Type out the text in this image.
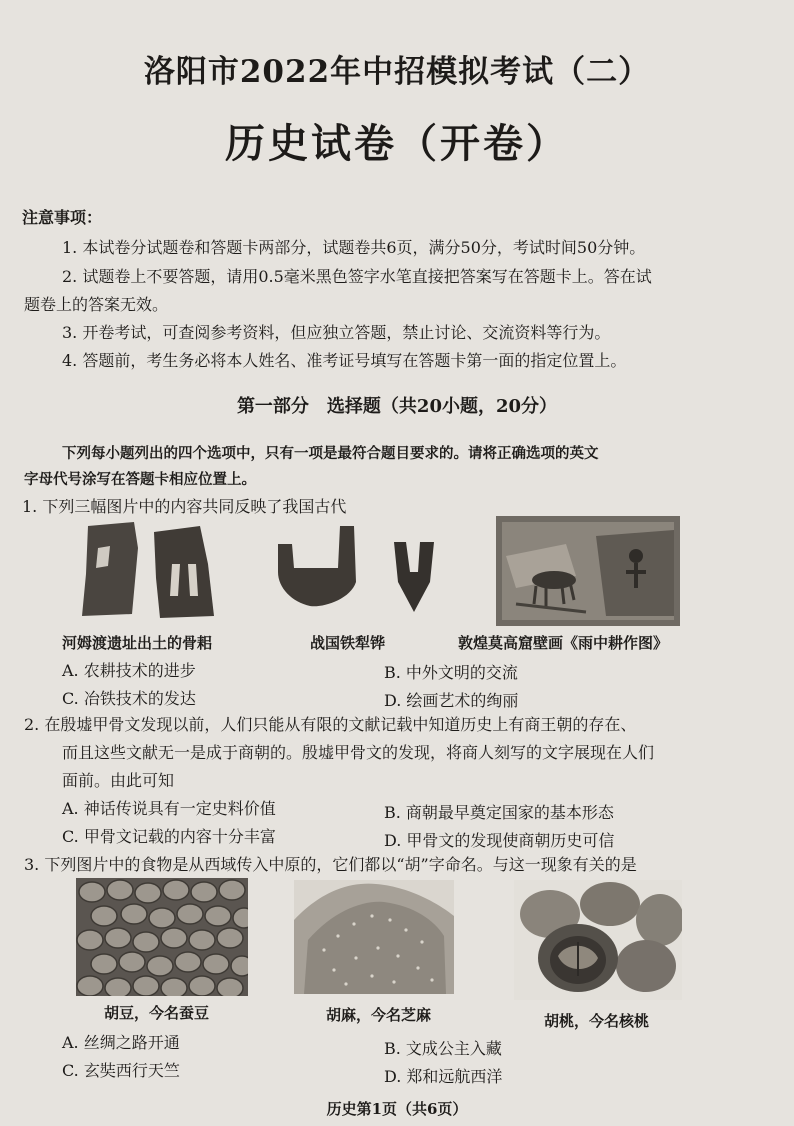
洛阳市2022年中招模拟考试（二）
历史试卷（开卷）
注意事项：
1. 本试卷分试题卷和答题卡两部分，试题卷共6页，满分50分，考试时间50分钟。
2. 试题卷上不要答题，请用0.5毫米黑色签字水笔直接把答案写在答题卡上。答在试
题卷上的答案无效。
3. 开卷考试，可查阅参考资料，但应独立答题，禁止讨论、交流资料等行为。
4. 答题前，考生务必将本人姓名、准考证号填写在答题卡第一面的指定位置上。
第一部分　选择题（共20小题，20分）
下列每小题列出的四个选项中，只有一项是最符合题目要求的。请将正确选项的英文
字母代号涂写在答题卡相应位置上。
1. 下列三幅图片中的内容共同反映了我国古代
河姆渡遗址出土的骨耜	战国铁犁铧	敦煌莫高窟壁画《雨中耕作图》
A. 农耕技术的进步	B. 中外文明的交流
C. 冶铁技术的发达	D. 绘画艺术的绚丽
2. 在殷墟甲骨文发现以前，人们只能从有限的文献记载中知道历史上有商王朝的存在、
而且这些文献无一是成于商朝的。殷墟甲骨文的发现，将商人刻写的文字展现在人们
面前。由此可知
A. 神话传说具有一定史料价值	B. 商朝最早奠定国家的基本形态
C. 甲骨文记载的内容十分丰富	D. 甲骨文的发现使商朝历史可信
3. 下列图片中的食物是从西域传入中原的，它们都以“胡”字命名。与这一现象有关的是
胡豆，今名蚕豆	胡麻，今名芝麻	胡桃，今名核桃
A. 丝绸之路开通	B. 文成公主入藏
C. 玄奘西行天竺	D. 郑和远航西洋
历史第1页（共6页）
